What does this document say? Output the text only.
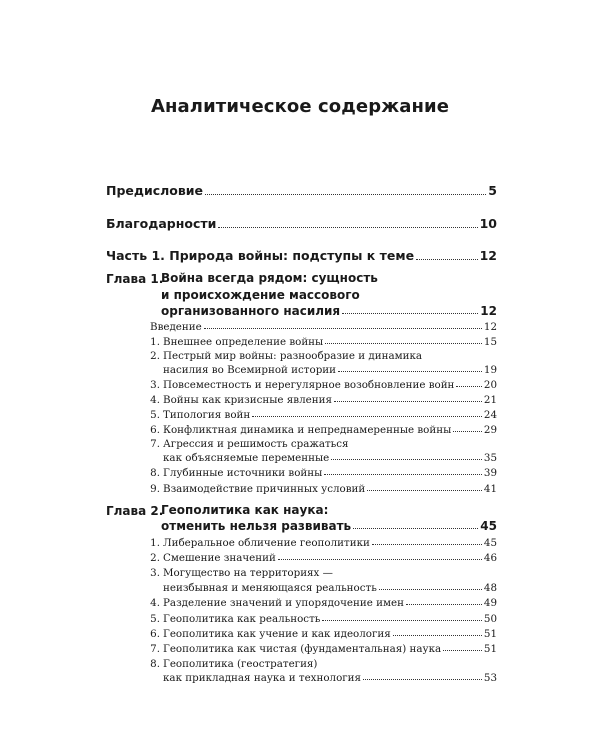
Аналитическое содержание
Предисловие	5
Благодарности	10
Часть 1. Природа войны: подступы к теме	12
Глава 1.
Война всегда рядом: сущность
и происхождение массового
организованного насилия	12
Введение	12
1. Внешнее определение войны	15
2. Пестрый мир войны: разнообразие и динамика
насилия во Всемирной истории	19
3. Повсеместность и нерегулярное возобновление войн	20
4. Войны как кризисные явления	21
5. Типология войн	24
6. Конфликтная динамика и непреднамеренные войны	29
7. Агрессия и решимость сражаться
как объясняемые переменные	35
8. Глубинные источники войны	39
9. Взаимодействие причинных условий	41
Глава 2.
Геополитика как наука:
отменить нельзя развивать	45
1. Либеральное обличение геополитики	45
2. Смешение значений	46
3. Могущество на территориях —
неизбывная и меняющаяся реальность	48
4. Разделение значений и упорядочение имен	49
5. Геополитика как реальность	50
6. Геополитика как учение и как идеология	51
7. Геополитика как чистая (фундаментальная) наука	51
8. Геополитика (геостратегия)
как прикладная наука и технология	53
